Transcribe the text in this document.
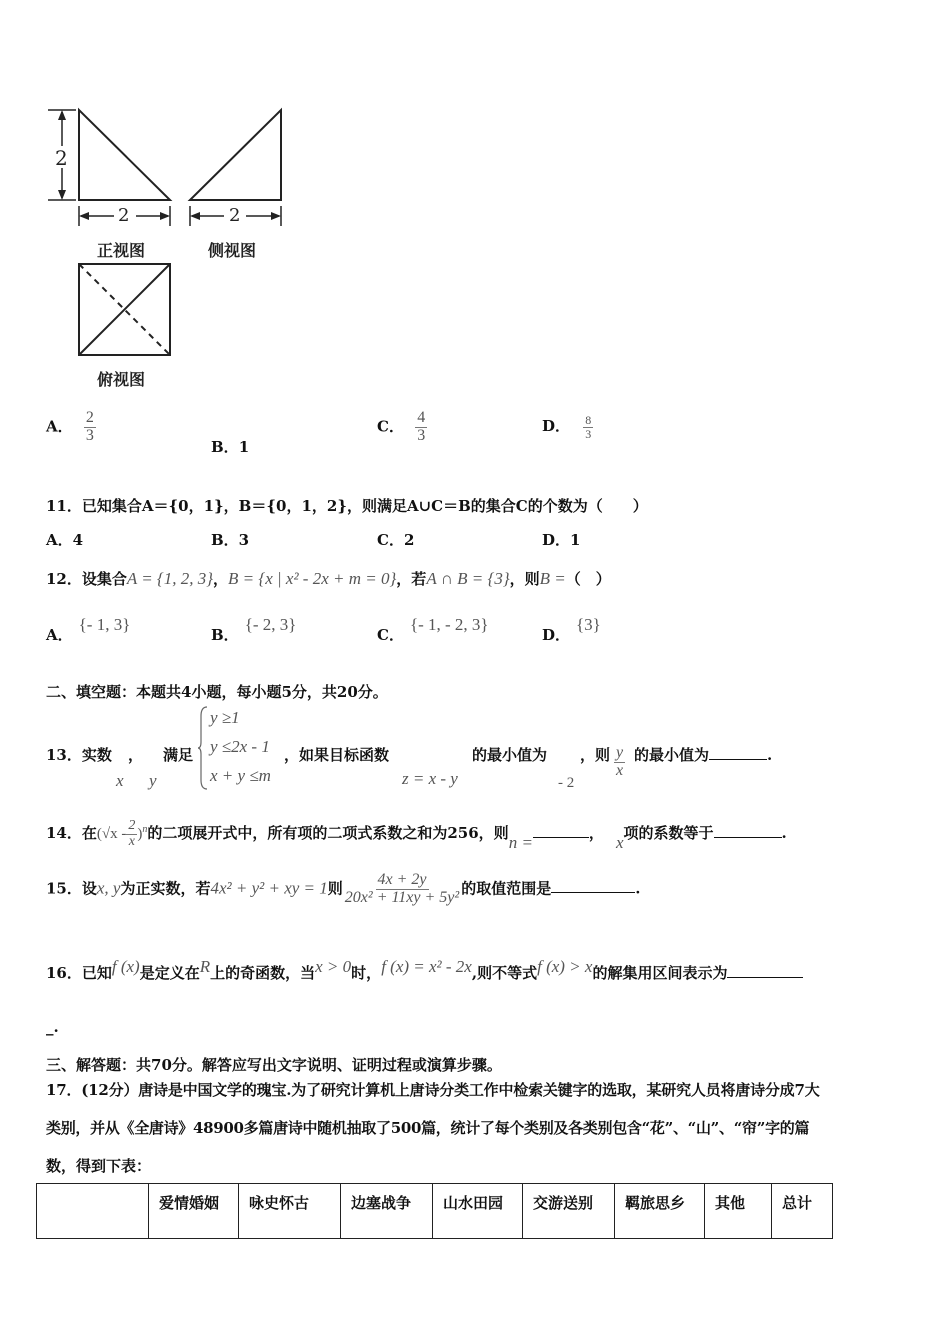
2
2	2
正视图	侧视图
俯视图
A． $\frac{2}{3}$
B．1
C． $\frac{4}{3}$	D． $\frac{8}{3}$
11．已知集合A＝{0，1}，B＝{0，1，2}，则满足A∪C＝B的集合C的个数为（　　）
A．4	B．3	C．2	D．1
12．设集合A = {1, 2, 3}，B = {x | x² - 2x + m = 0}，若A ∩ B = {3}，则B =（　）
A．{- 1, 3}
B．{- 2, 3}
C．{- 1, - 2, 3}
D．{3}
二、填空题：本题共4小题，每小题5分，共20分。
13．实数 ， 满足
x y
y ≥1
y ≤2x - 1
x + y ≤m
，如果目标函数
z = x - y
的最小值为
- 2
，则 $\frac{y}{x}$ 的最小值为	.
14．在$(√x - \frac{2}{x} )^n$的二项展开式中，所有项的二项式系数之和为256，则n =	， x项的系数等于	.
15．设x, y为正实数，若4x² + y² + xy = 1则 $\frac{4x + 2y}{\text{20x² + 11xy + 5y²}}$ 的取值范围是	.
16．已知f (x)是定义在R上的奇函数，当x > 0时，f (x) = x² - 2x,则不等式f (x) > x的解集用区间表示为
_.
三、解答题：共70分。解答应写出文字说明、证明过程或演算步骤。
17．(12分）唐诗是中国文学的瑰宝.为了研究计算机上唐诗分类工作中检索关键字的选取，某研究人员将唐诗分成7大
类别，并从《全唐诗》48900多篇唐诗中随机抽取了500篇，统计了每个类别及各类别包含“花”、“山”、“帘”字的篇
数，得到下表：
	爱情婚姻	咏史怀古	边塞战争	山水田园	交游送别	羁旅思乡	其他	总计
